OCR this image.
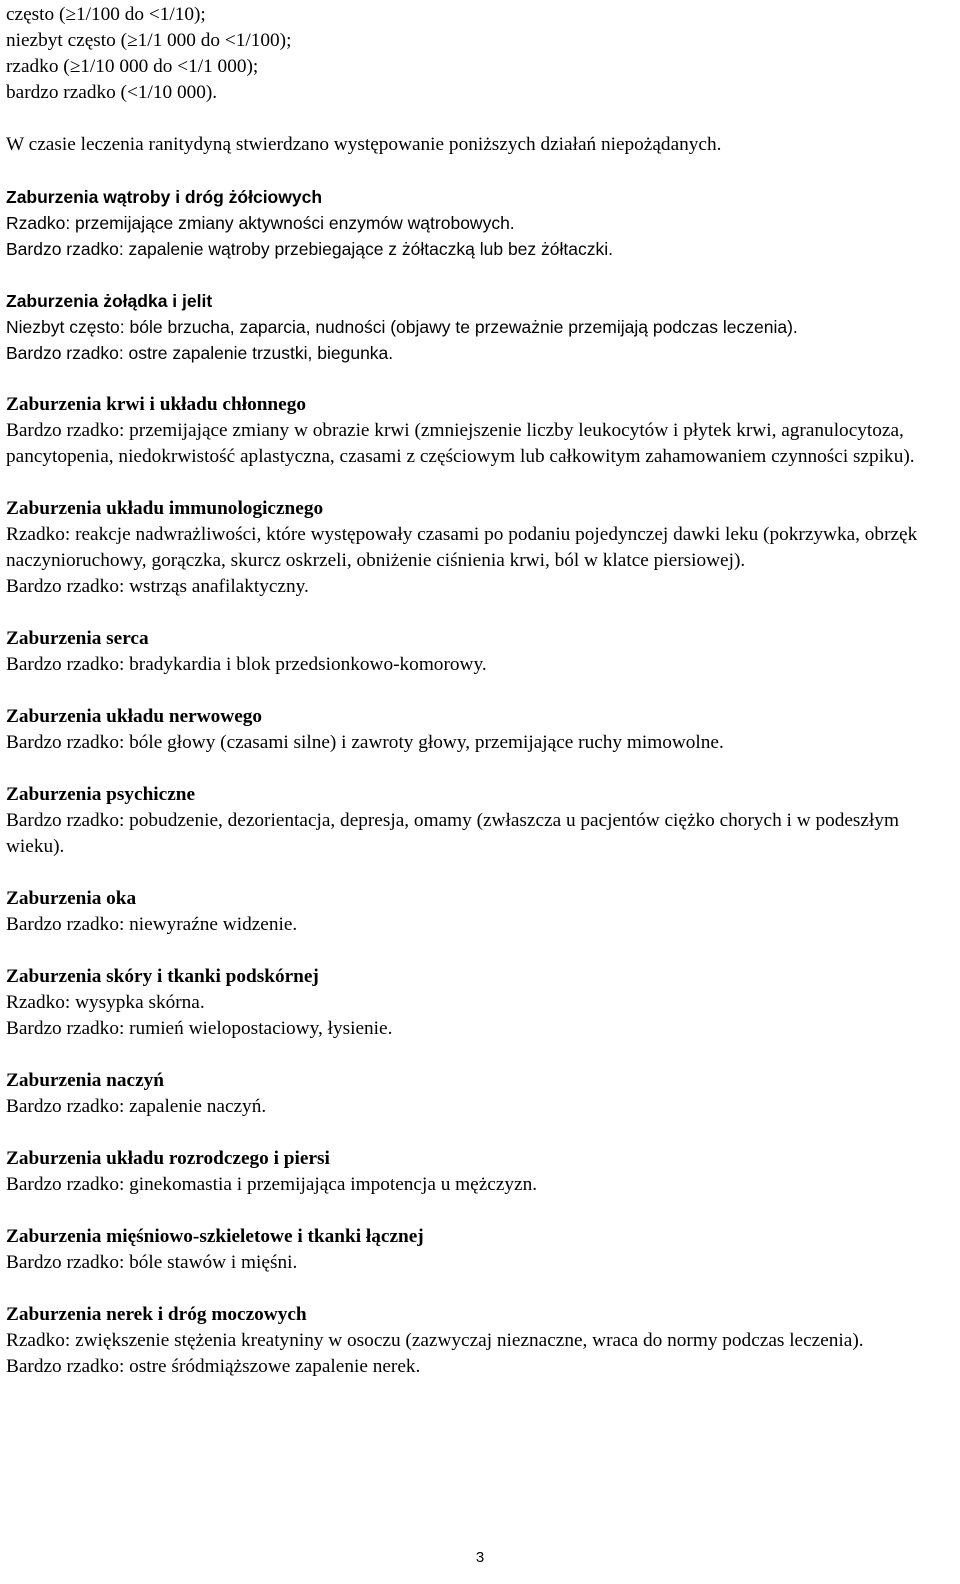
często (≥1/100 do <1/10);
niezbyt często (≥1/1 000 do <1/100);
rzadko (≥1/10 000 do <1/1 000);
bardzo rzadko (<1/10 000).
W czasie leczenia ranitydyną stwierdzano występowanie poniższych działań niepożądanych.
Zaburzenia wątroby i dróg żółciowych
Rzadko: przemijające zmiany aktywności enzymów wątrobowych.
Bardzo rzadko: zapalenie wątroby przebiegające z żółtaczką lub bez żółtaczki.
Zaburzenia żołądka i jelit
Niezbyt często: bóle brzucha, zaparcia, nudności (objawy te przeważnie przemijają podczas leczenia).
Bardzo rzadko: ostre zapalenie trzustki, biegunka.
Zaburzenia krwi i układu chłonnego
Bardzo rzadko: przemijające zmiany w obrazie krwi (zmniejszenie liczby leukocytów i płytek krwi, agranulocytoza, pancytopenia, niedokrwistość aplastyczna, czasami z częściowym lub całkowitym zahamowaniem czynności szpiku).
Zaburzenia układu immunologicznego
Rzadko: reakcje nadwrażliwości, które występowały czasami po podaniu pojedynczej dawki leku (pokrzywka, obrzęk naczynioruchowy, gorączka, skurcz oskrzeli, obniżenie ciśnienia krwi, ból w klatce piersiowej).
Bardzo rzadko: wstrząs anafilaktyczny.
Zaburzenia serca
Bardzo rzadko: bradykardia i blok przedsionkowo-komorowy.
Zaburzenia układu nerwowego
Bardzo rzadko: bóle głowy (czasami silne) i zawroty głowy, przemijające ruchy mimowolne.
Zaburzenia psychiczne
Bardzo rzadko: pobudzenie, dezorientacja, depresja, omamy (zwłaszcza u pacjentów ciężko chorych i w podeszłym wieku).
Zaburzenia oka
Bardzo rzadko: niewyraźne widzenie.
Zaburzenia skóry i tkanki podskórnej
Rzadko: wysypka skórna.
Bardzo rzadko: rumień wielopostaciowy, łysienie.
Zaburzenia naczyń
Bardzo rzadko: zapalenie naczyń.
Zaburzenia układu rozrodczego i piersi
Bardzo rzadko: ginekomastia i przemijająca impotencja u mężczyzn.
Zaburzenia mięśniowo-szkieletowe i tkanki łącznej
Bardzo rzadko: bóle stawów i mięśni.
Zaburzenia nerek i dróg moczowych
Rzadko: zwiększenie stężenia kreatyniny w osoczu (zazwyczaj nieznaczne, wraca do normy podczas leczenia).
Bardzo rzadko: ostre śródmiąższowe zapalenie nerek.
3
